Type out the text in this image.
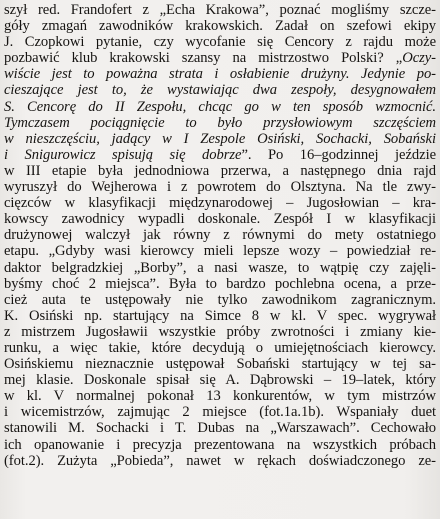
szył red. Frandofert z „Echa Krakowa”, poznać mogliśmy szcze-
góły zmagań zawodników krakowskich. Zadał on szefowi ekipy
J. Czopkowi pytanie, czy wycofanie się Cencory z rajdu może
pozbawić klub krakowski szansy na mistrzostwo Polski? „Oczy-
wiście jest to poważna strata i osłabienie drużyny. Jedynie po-
cieszające jest to, że wystawiając dwa zespoły, desygnowałem
S. Cencorę do II Zespołu, chcąc go w ten sposób wzmocnić.
Tymczasem pociągnięcie to było przysłowiowym szczęściem
w nieszczęściu, jadący w I Zespole Osiński, Sochacki, Sobański
i Snigurowicz spisują się dobrze”. Po 16–godzinnej jeździe
w III etapie była jednodniowa przerwa, a następnego dnia rajd
wyruszył do Wejherowa i z powrotem do Olsztyna. Na tle zwy-
cięzców w klasyfikacji międzynarodowej – Jugosłowian – kra-
kowscy zawodnicy wypadli doskonale. Zespół I w klasyfikacji
drużynowej walczył jak równy z równymi do mety ostatniego
etapu. „Gdyby wasi kierowcy mieli lepsze wozy – powiedział re-
daktor belgradzkiej „Borby”, a nasi wasze, to wątpię czy zajęli-
byśmy choć 2 miejsca”. Była to bardzo pochlebna ocena, a prze-
cież auta te ustępowały nie tylko zawodnikom zagranicznym.
K. Osiński np. startujący na Simce 8 w kl. V spec. wygrywał
z mistrzem Jugosławii wszystkie próby zwrotności i zmiany kie-
runku, a więc takie, które decydują o umiejętnościach kierowcy.
Osińskiemu nieznacznie ustępował Sobański startujący w tej sa-
mej klasie. Doskonale spisał się A. Dąbrowski – 19–latek, który
w kl. V normalnej pokonał 13 konkurentów, w tym mistrzów
i wicemistrzów, zajmując 2 miejsce (fot.1a.1b). Wspaniały duet
stanowili M. Sochacki i T. Dubas na „Warszawach”. Cechowało
ich opanowanie i precyzja prezentowana na wszystkich próbach
(fot.2). Zużyta „Pobieda”, nawet w rękach doświadczonego ze-
